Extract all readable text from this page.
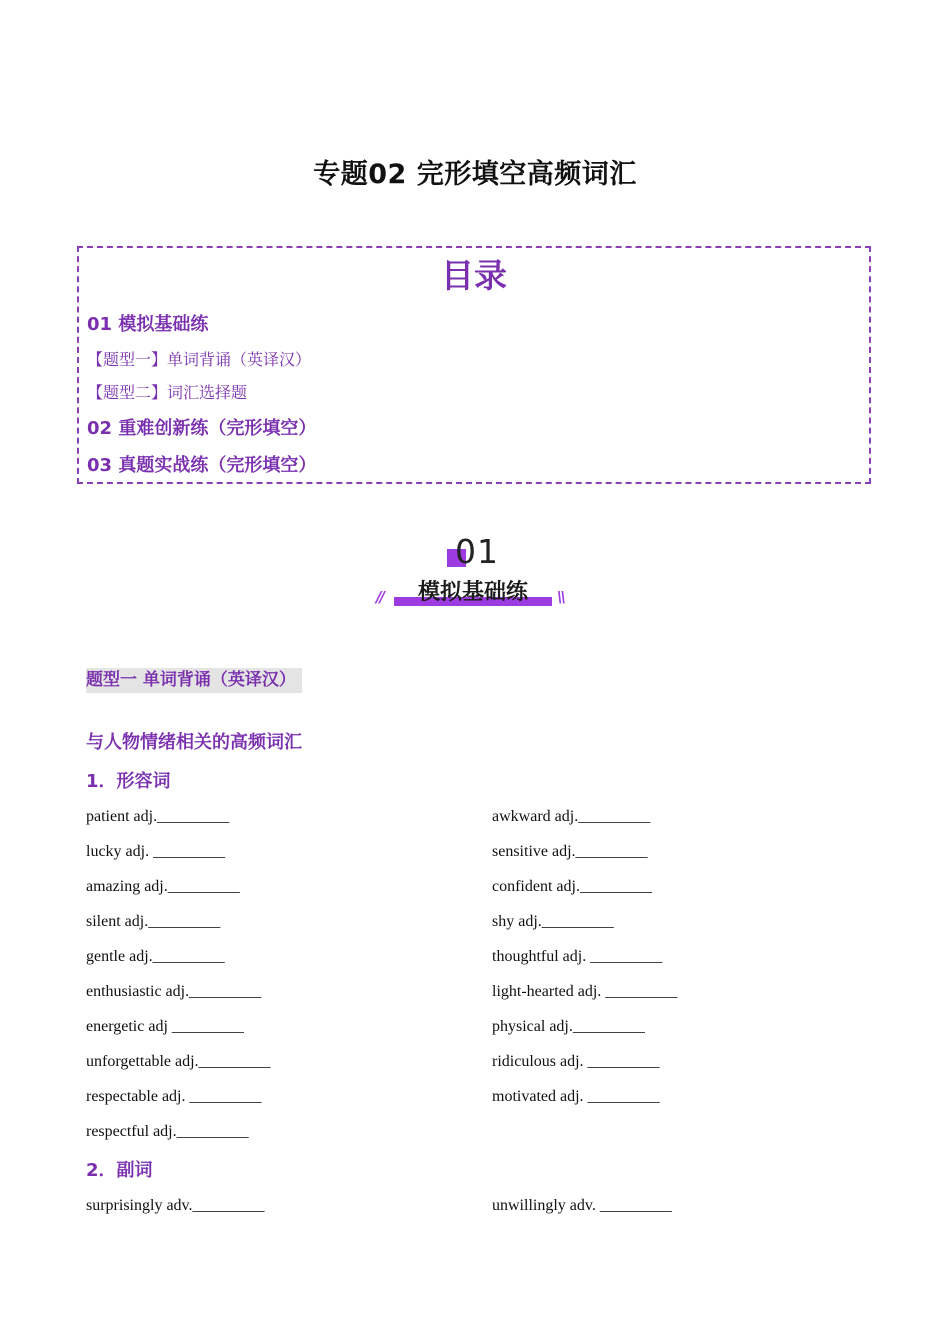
专题02 完形填空高频词汇
目录
01 模拟基础练
【题型一】单词背诵（英译汉）
【题型二】词汇选择题
02 重难创新练（完形填空）
03 真题实战练（完形填空）
01
//	\\
模拟基础练
题型一 单词背诵（英译汉）
与人物情绪相关的高频词汇
1．形容词
patient adj._________
lucky adj. _________
amazing adj._________
silent adj._________
gentle adj._________
enthusiastic adj._________
energetic adj _________
unforgettable adj._________
respectable adj. _________
respectful adj._________
awkward adj._________
sensitive adj._________
confident adj._________
shy adj._________
thoughtful adj. _________
light-hearted adj. _________
physical adj._________
ridiculous adj. _________
motivated adj. _________
2．副词
surprisingly adv._________	unwillingly adv. _________
